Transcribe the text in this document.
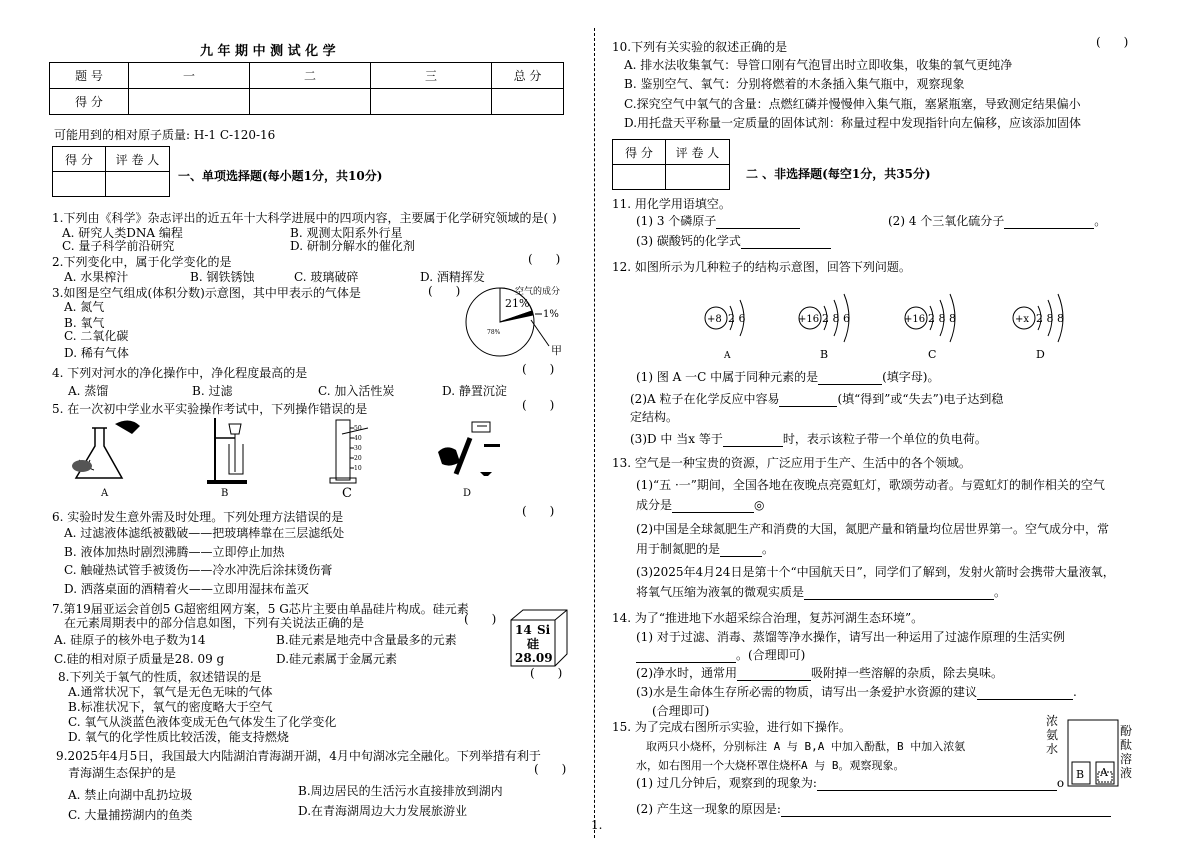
九 年 期 中 测 试 化 学
题 号	一	二	三	总 分
得 分				
可能用到的相对原子质量: H-1 C-120-16
得 分	评 卷 人

一、单项选择题(每小题1分，共10分)
1.下列由《科学》杂志评出的近五年十大科学进展中的四项内容，主要属于化学研究领域的是( )
A. 研究人类DNA 编程	B. 观测太阳系外行星
C. 量子科学前沿研究	D. 研制分解水的催化剂
2.下列变化中，属于化学变化的是	(      )
A. 水果榨汁	B. 钢铁锈蚀	C. 玻璃破碎	D. 酒精挥发
3.如图是空气组成(体积分数)示意图，其中甲表示的气体是	(      )
A. 氮气
B. 氧气
C. 二氧化碳
D. 稀有气体
空气的成分
21%
1%
78%
甲
4. 下列对河水的净化操作中，净化程度最高的是	(      )
A. 蒸馏	B. 过滤	C. 加入活性炭	D. 静置沉淀
5. 在一次初中学业水平实验操作考试中，下列操作错误的是	(      )
A	B
50
40
30
20
10
C	D
6. 实验时发生意外需及时处理。下列处理方法错误的是	(      )
A. 过滤液体滤纸被戳破——把玻璃棒靠在三层滤纸处
B. 液体加热时剧烈沸腾——立即停止加热
C. 触碰热试管手被烫伤——冷水冲洗后涂抹烫伤膏
D. 洒落桌面的酒精着火——立即用湿抹布盖灭
7.第19届亚运会首创5 G超密组网方案，5 G芯片主要由单晶硅片构成。硅元素
在元素周期表中的部分信息如图，下列有关说法正确的是	(      )
14 Si
硅
28.09
A. 硅原子的核外电子数为14	B.硅元素是地壳中含量最多的元素
C.硅的相对原子质量是28. 09 g	D.硅元素属于金属元素
8.下列关于氧气的性质，叙述错误的是	(      )
A.通常状况下，氧气是无色无味的气体
B.标准状况下，氧气的密度略大于空气
C. 氧气从淡蓝色液体变成无色气体发生了化学变化
D. 氧气的化学性质比较活泼，能支持燃烧
9.2025年4月5日，我国最大内陆湖泊青海湖开湖，4月中旬湖冰完全融化。下列举措有利于
青海湖生态保护的是	(      )
A. 禁止向湖中乱扔垃圾	B.周边居民的生活污水直接排放到湖内
C. 大量捕捞湖内的鱼类	D.在青海湖周边大力发展旅游业
1.
10.下列有关实验的叙述正确的是	(      )
A. 排水法收集氧气：导管口刚有气泡冒出时立即收集，收集的氧气更纯净
B. 鉴别空气、氧气：分别将燃着的木条插入集气瓶中，观察现象
C.探究空气中氧气的含量：点燃红磷并慢慢伸入集气瓶，塞紧瓶塞，导致测定结果偏小
D.用托盘天平称量一定质量的固体试剂：称量过程中发现指针向左偏移，应该添加固体
得 分	评 卷 人

二 、非选择题(每空1分，共35分)
11. 用化学用语填空。
(1) 3 个磷原子	(2) 4 个三氧化硫分子	。
(3) 碳酸钙的化学式
12. 如图所示为几种粒子的结构示意图，回答下列问题。
+8 2 6
A
+16 2 8 6
B
+16 2 8 8
C
+x 2 8 8
D
(1) 图 A 一C 中属于同种元素的是	(填字母)。
(2)A 粒子在化学反应中容易	(填“得到”或“失去”)电子达到稳
定结构。
(3)D 中 当x 等于	时，表示该粒子带一个单位的负电荷。
13. 空气是一种宝贵的资源，广泛应用于生产、生活中的各个领域。
(1)“五 ·一”期间，全国各地在夜晚点亮霓虹灯，歌颂劳动者。与霓虹灯的制作相关的空气
成分是	◎
(2)中国是全球氮肥生产和消费的大国，氮肥产量和销量均位居世界第一。空气成分中，常
用于制氮肥的是	。
(3)2025年4月24日是第十个“中国航天日”，同学们了解到，发射火箭时会携带大量液氧，
将氧气压缩为液氧的微观实质是	。
14. 为了“推进地下水超采综合治理，复苏河湖生态环境”。
(1) 对于过滤、消毒、蒸馏等净水操作，请写出一种运用了过滤作原理的生活实例
。(合理即可)
(2)净水时，通常用	吸附掉一些溶解的杂质，除去臭味。
(3)水是生命体生存所必需的物质，请写出一条爱护水资源的建议	.
(合理即可)
15. 为了完成右图所示实验，进行如下操作。
取两只小烧杯，分别标注 A 与 B,A 中加入酚酞，B 中加入浓氨
水，如右图用一个大烧杯罩住烧杯A 与 B。观察现象。
(1) 过几分钟后，观察到的现象为:	o
(2) 产生这一现象的原因是:
B A
浓氨水
酚酞溶液
